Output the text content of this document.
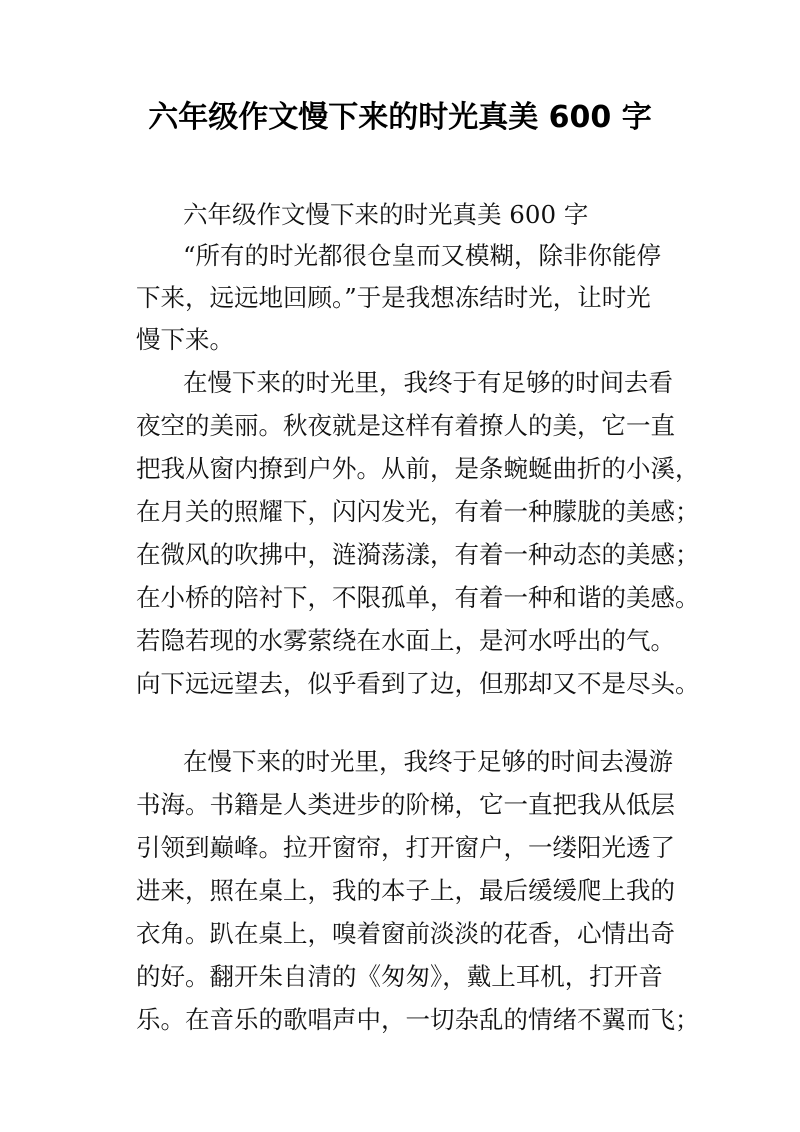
六年级作文慢下来的时光真美 600 字
六年级作文慢下来的时光真美 600 字
“所有的时光都很仓皇而又模糊，除非你能停
下来，远远地回顾。”于是我想冻结时光，让时光
慢下来。
在慢下来的时光里，我终于有足够的时间去看
夜空的美丽。秋夜就是这样有着撩人的美，它一直
把我从窗内撩到户外。从前，是条蜿蜒曲折的小溪，
在月关的照耀下，闪闪发光，有着一种朦胧的美感；
在微风的吹拂中，涟漪荡漾，有着一种动态的美感；
在小桥的陪衬下，不限孤单，有着一种和谐的美感。
若隐若现的水雾萦绕在水面上，是河水呼出的气。
向下远远望去，似乎看到了边，但那却又不是尽头。
在慢下来的时光里，我终于足够的时间去漫游
书海。书籍是人类进步的阶梯，它一直把我从低层
引领到巅峰。拉开窗帘，打开窗户，一缕阳光透了
进来，照在桌上，我的本子上，最后缓缓爬上我的
衣角。趴在桌上，嗅着窗前淡淡的花香，心情出奇
的好。翻开朱自清的《匆匆》，戴上耳机，打开音
乐。在音乐的歌唱声中，一切杂乱的情绪不翼而飞；
